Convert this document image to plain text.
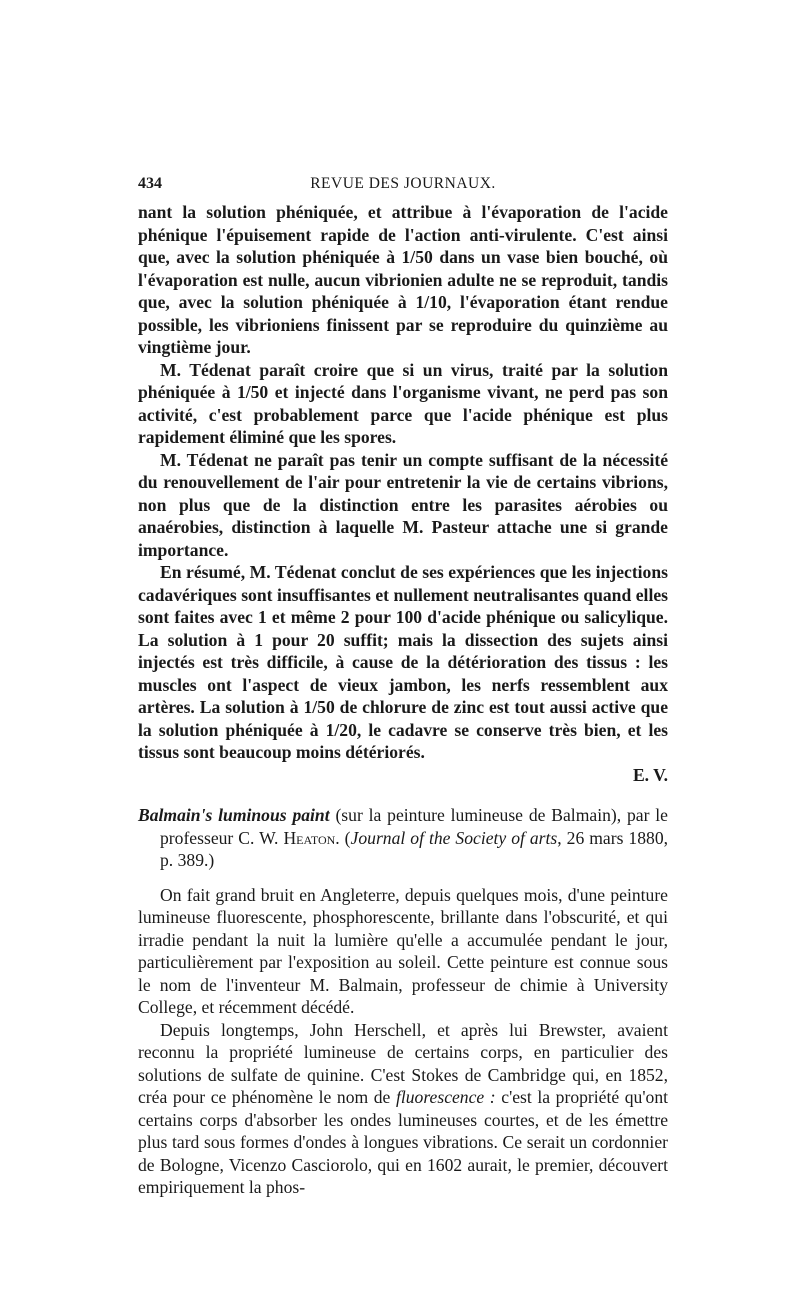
434	REVUE DES JOURNAUX.

nant la solution phéniquée, et attribue à l'évaporation de l'acide phénique l'épuisement rapide de l'action anti-virulente. C'est ainsi que, avec la solution phéniquée à 1/50 dans un vase bien bouché, où l'évaporation est nulle, aucun vibrionien adulte ne se reproduit, tandis que, avec la solution phéniquée à 1/10, l'évaporation étant rendue possible, les vibrioniens finissent par se reproduire du quinzième au vingtième jour.

M. Tédenat paraît croire que si un virus, traité par la solution phéniquée à 1/50 et injecté dans l'organisme vivant, ne perd pas son activité, c'est probablement parce que l'acide phénique est plus rapidement éliminé que les spores.

M. Tédenat ne paraît pas tenir un compte suffisant de la nécessité du renouvellement de l'air pour entretenir la vie de certains vibrions, non plus que de la distinction entre les parasites aérobies ou anaérobies, distinction à laquelle M. Pasteur attache une si grande importance.

En résumé, M. Tédenat conclut de ses expériences que les injections cadavériques sont insuffisantes et nullement neutralisantes quand elles sont faites avec 1 et même 2 pour 100 d'acide phénique ou salicylique. La solution à 1 pour 20 suffit; mais la dissection des sujets ainsi injectés est très difficile, à cause de la détérioration des tissus : les muscles ont l'aspect de vieux jambon, les nerfs ressemblent aux artères. La solution à 1/50 de chlorure de zinc est tout aussi active que la solution phéniquée à 1/20, le cadavre se conserve très bien, et les tissus sont beaucoup moins détériorés.

E. V.
Balmain's luminous paint (sur la peinture lumineuse de Balmain), par le professeur C. W. Heaton. (Journal of the Society of arts, 26 mars 1880, p. 389.)

On fait grand bruit en Angleterre, depuis quelques mois, d'une peinture lumineuse fluorescente, phosphorescente, brillante dans l'obscurité, et qui irradie pendant la nuit la lumière qu'elle a accumulée pendant le jour, particulièrement par l'exposition au soleil. Cette peinture est connue sous le nom de l'inventeur M. Balmain, professeur de chimie à University College, et récemment décédé.

Depuis longtemps, John Herschell, et après lui Brewster, avaient reconnu la propriété lumineuse de certains corps, en particulier des solutions de sulfate de quinine. C'est Stokes de Cambridge qui, en 1852, créa pour ce phénomène le nom de fluorescence : c'est la propriété qu'ont certains corps d'absorber les ondes lumineuses courtes, et de les émettre plus tard sous formes d'ondes à longues vibrations. Ce serait un cordonnier de Bologne, Vicenzo Casciorolo, qui en 1602 aurait, le premier, découvert empiriquement la phos-
